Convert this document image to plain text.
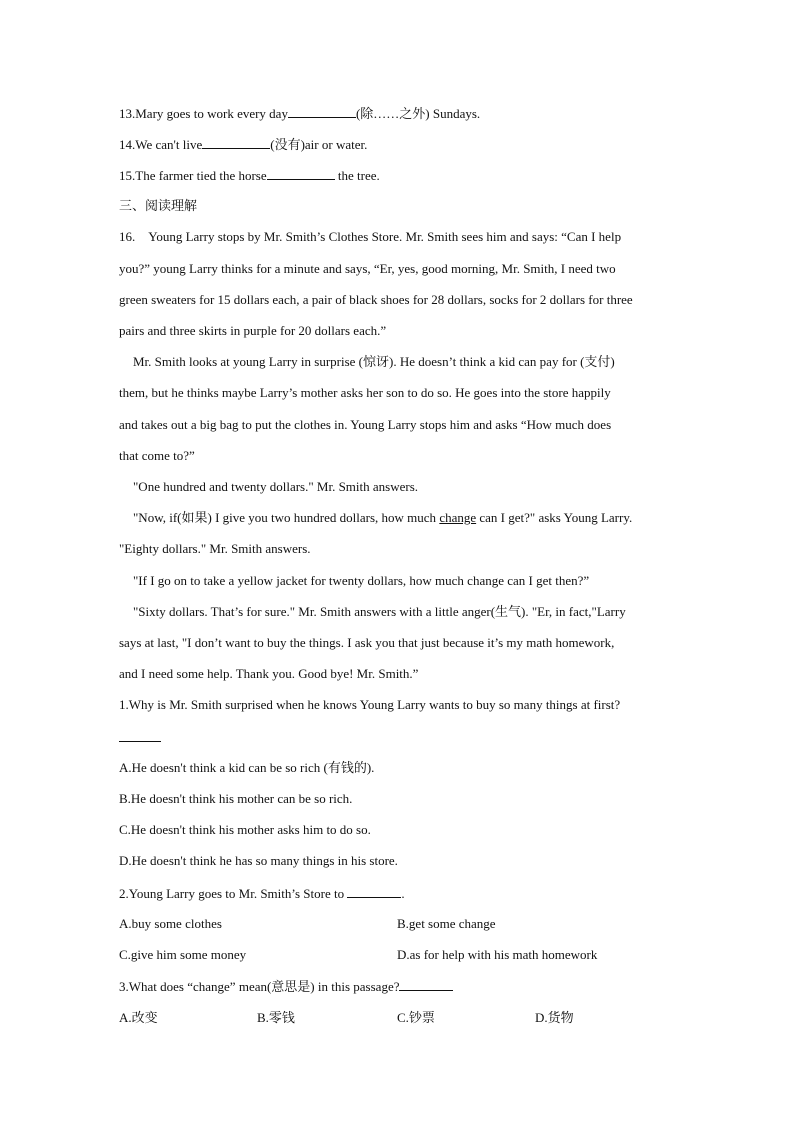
13.Mary goes to work every day	(除……之外) Sundays.
14.We can't live	(没有)air or water.
15.The farmer tied the horse	the tree.
三、阅读理解
16.　Young Larry stops by Mr. Smith’s Clothes Store. Mr. Smith sees him and says: “Can I help
you?” young Larry thinks for a minute and says, “Er, yes, good morning, Mr. Smith, I need two
green sweaters for 15 dollars each, a pair of black shoes for 28 dollars, socks for 2 dollars for three
pairs and three skirts in purple for 20 dollars each.”
Mr. Smith looks at young Larry in surprise (惊讶). He doesn’t think a kid can pay for (支付)
them, but he thinks maybe Larry’s mother asks her son to do so. He goes into the store happily
and takes out a big bag to put the clothes in. Young Larry stops him and asks “How much does
that come to?”
"One hundred and twenty dollars." Mr. Smith answers.
"Now, if(如果) I give you two hundred dollars, how much change can I get?" asks Young Larry.
"Eighty dollars." Mr. Smith answers.
"If I go on to take a yellow jacket for twenty dollars, how much change can I get then?”
"Sixty dollars. That’s for sure." Mr. Smith answers with a little anger(生气). "Er, in fact,"Larry
says at last, "I don’t want to buy the things. I ask you that just because it’s my math homework,
and I need some help. Thank you. Good bye! Mr. Smith.”
1.Why is Mr. Smith surprised when he knows Young Larry wants to buy so many things at first?
A.He doesn't think a kid can be so rich (有钱的).
B.He doesn't think his mother can be so rich.
C.He doesn't think his mother asks him to do so.
D.He doesn't think he has so many things in his store.
2.Young Larry goes to Mr. Smith’s Store to	.
A.buy some clothes	B.get some change
C.give him some money	D.as for help with his math homework
3.What does “change” mean(意思是) in this passage?
A.改变	B.零钱	C.钞票	D.货物
